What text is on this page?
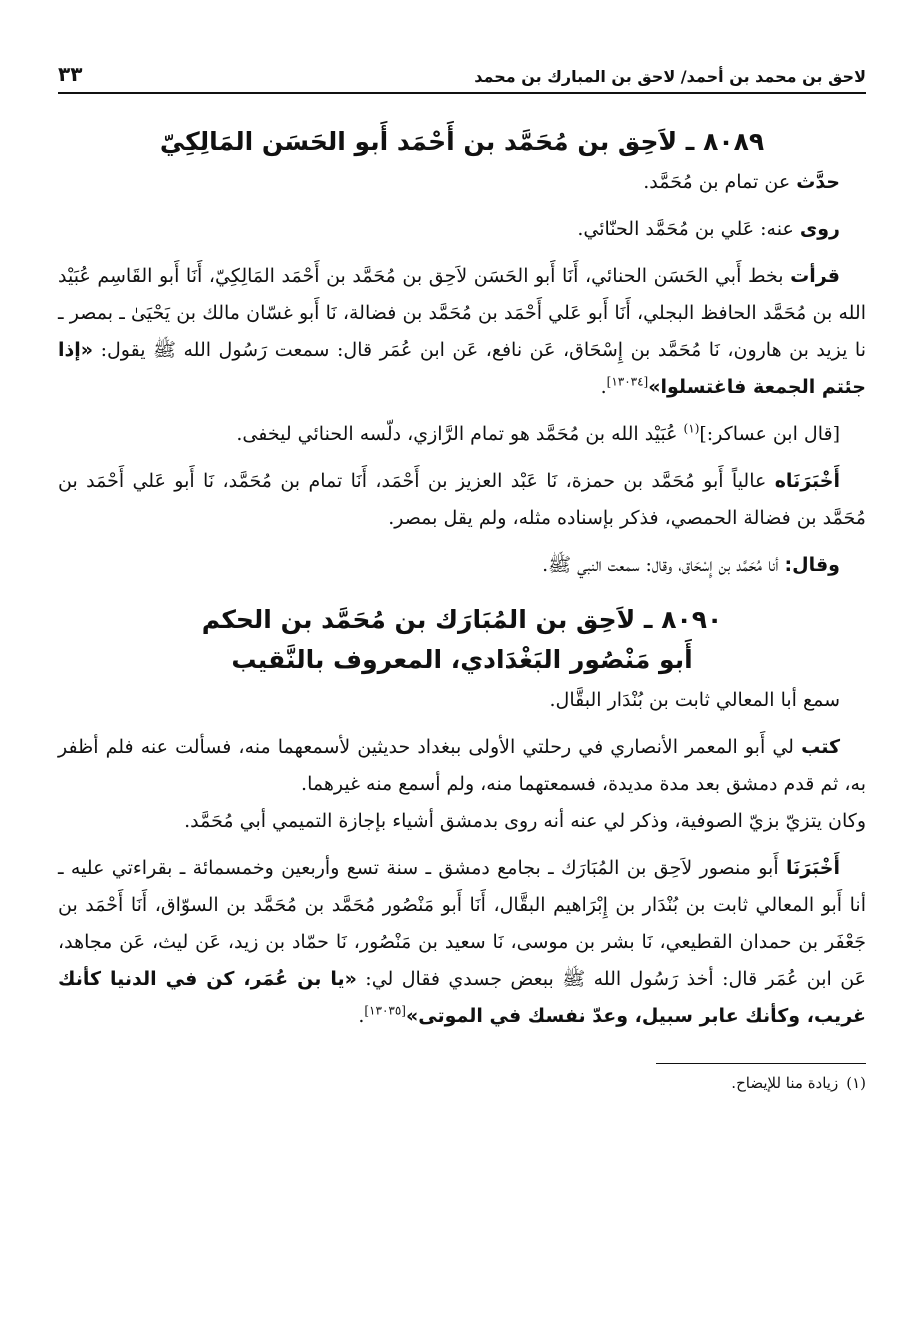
لاحق بن محمد بن أحمد/ لاحق بن المبارك بن محمد
٣٣
٨٠٨٩ ـ لاَحِق بن مُحَمَّد بن أَحْمَد أَبو الحَسَن المَالِكِيّ

حدَّث عن تمام بن مُحَمَّد.

روى عنه: عَلي بن مُحَمَّد الحنّائي.

قرأت بخط أَبي الحَسَن الحنائي، أَنَا أَبو الحَسَن لاَحِق بن مُحَمَّد بن أَحْمَد المَالِكِيّ، أَنَا أَبو القَاسِم عُبَيْد الله بن مُحَمَّد الحافظ البجلي، أَنَا أَبو عَلي أَحْمَد بن مُحَمَّد بن فضالة، نَا أَبو غسّان مالك بن يَحْيَىٰ ـ بمصر ـ نا يزيد بن هارون، نَا مُحَمَّد بن إِسْحَاق، عَن نافع، عَن ابن عُمَر قال: سمعت رَسُول الله ﷺ يقول: «إذا جئتم الجمعة فاغتسلوا»[١٣٠٣٤].

[قال ابن عساكر:]$^{(١)}$ عُبَيْد الله بن مُحَمَّد هو تمام الرَّازي، دلّسه الحنائي ليخفى.

أَخْبَرَنَاه عالياً أَبو مُحَمَّد بن حمزة، نَا عَبْد العزيز بن أَحْمَد، أَنَا تمام بن مُحَمَّد، نَا أَبو عَلي أَحْمَد بن مُحَمَّد بن فضالة الحمصي، فذكر بإسناده مثله، ولم يقل بمصر.

وقال: أنا مُحَمَّد بن إِسْحَاق، وقال: سمعت النبي ﷺ.

٨٠٩٠ ـ لاَحِق بن المُبَارَك بن مُحَمَّد بن الحكم
أَبو مَنْصُور البَغْدَادي، المعروف بالنَّقيب

سمع أبا المعالي ثابت بن بُنْدَار البقَّال.

كتب لي أَبو المعمر الأنصاري في رحلتي الأولى ببغداد حديثين لأسمعهما منه، فسألت عنه فلم أظفر به، ثم قدم دمشق بعد مدة مديدة، فسمعتهما منه، ولم أسمع منه غيرهما.

وكان يتزيّ بزيّ الصوفية، وذكر لي عنه أنه روى بدمشق أشياء بإجازة التميمي أبي مُحَمَّد.

أَخْبَرَنَا أَبو منصور لاَحِق بن المُبَارَك ـ بجامع دمشق ـ سنة تسع وأربعين وخمسمائة ـ بقراءتي عليه ـ أنا أَبو المعالي ثابت بن بُنْدَار بن إِبْرَاهيم البقَّال، أَنَا أَبو مَنْصُور مُحَمَّد بن مُحَمَّد بن السوّاق، أَنَا أَحْمَد بن جَعْفَر بن حمدان القطيعي، نَا بشر بن موسى، نَا سعيد بن مَنْصُور، نَا حمّاد بن زيد، عَن ليث، عَن مجاهد، عَن ابن عُمَر قال: أخذ رَسُول الله ﷺ ببعض جسدي فقال لي: «يا بن عُمَر، كن في الدنيا كأنك غريب، وكأنك عابر سبيل، وعدّ نفسك في الموتى»[١٣٠٣٥].

(١)زيادة منا للإيضاح.
